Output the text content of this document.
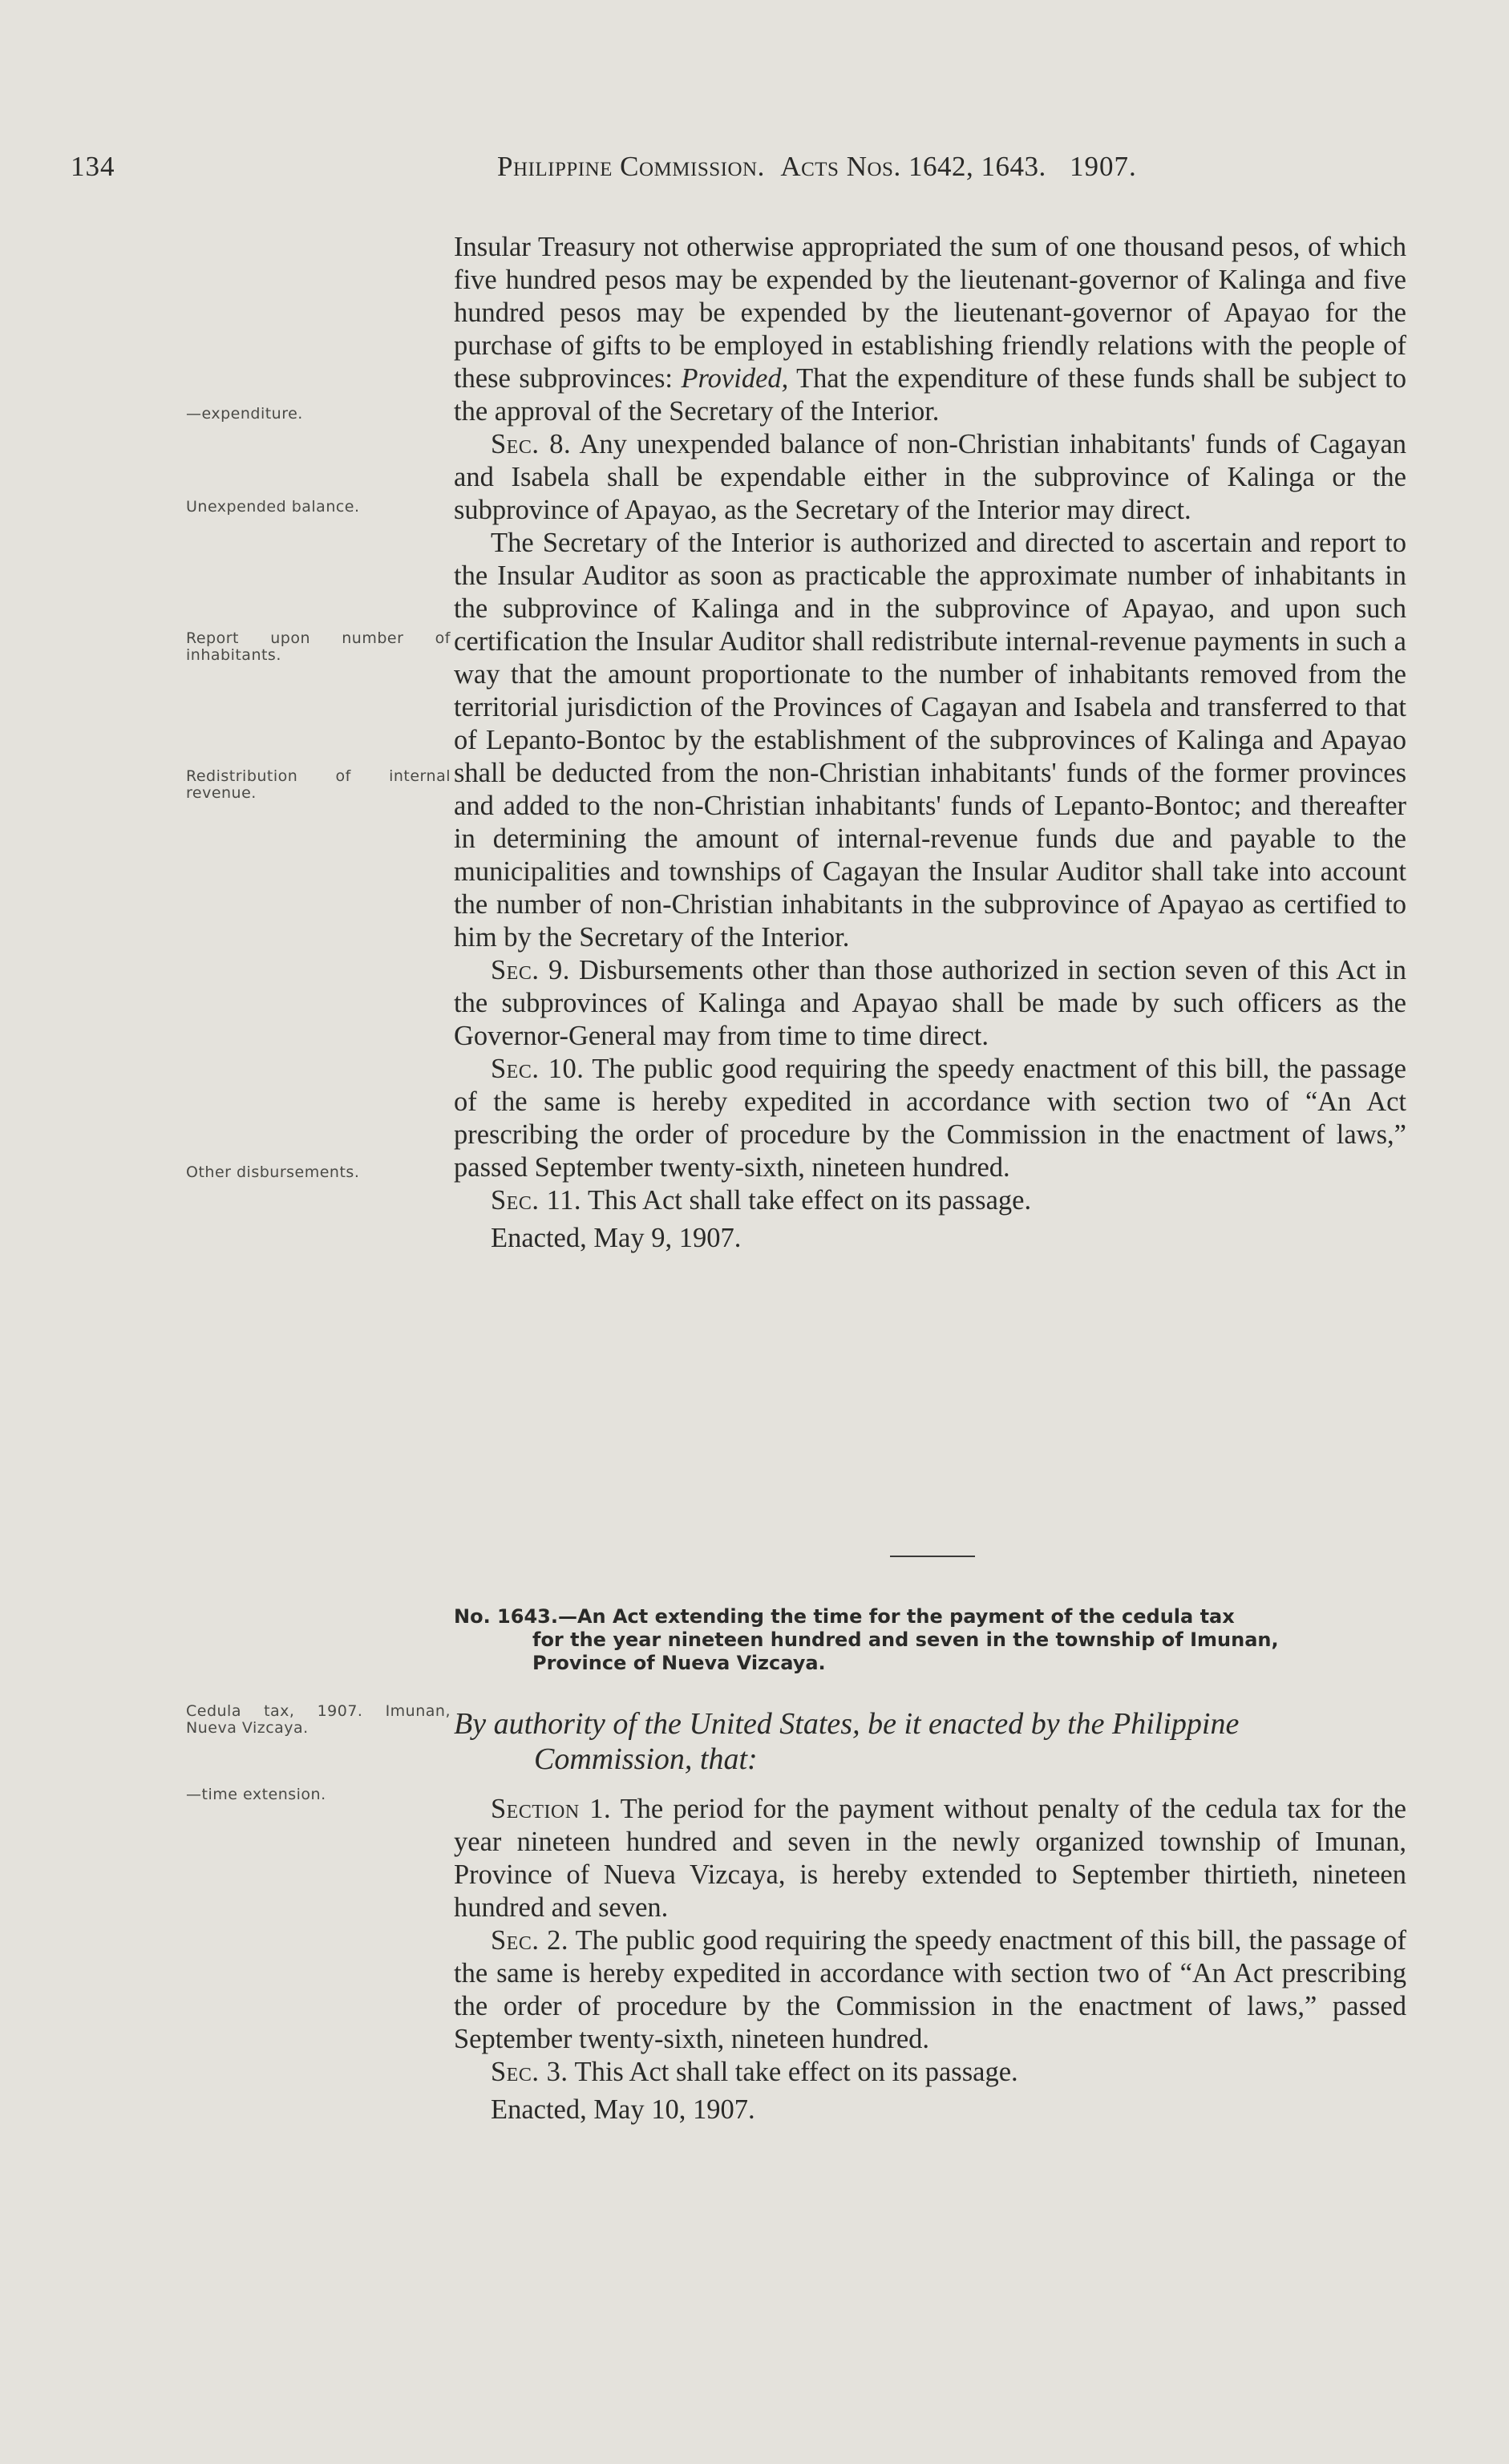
134	Philippine Commission. Acts Nos. 1642, 1643. 1907.

Insular Treasury not otherwise appropriated the sum of one thousand pesos, of which five hundred pesos may be expended by the lieutenant-governor of Kalinga and five hundred pesos may be expended by the lieutenant-governor of Apayao for the purchase of gifts to be employed in establishing friendly relations with the people of these subprovinces: Provided, That the expenditure of these funds shall be subject to the approval of the Secretary of the Interior.

Sec. 8. Any unexpended balance of non-Christian inhabitants' funds of Cagayan and Isabela shall be expendable either in the subprovince of Kalinga or the subprovince of Apayao, as the Secretary of the Interior may direct.

The Secretary of the Interior is authorized and directed to ascertain and report to the Insular Auditor as soon as practicable the approximate number of inhabitants in the subprovince of Kalinga and in the subprovince of Apayao, and upon such certification the Insular Auditor shall redistribute internal-revenue payments in such a way that the amount proportionate to the number of inhabitants removed from the territorial jurisdiction of the Provinces of Cagayan and Isabela and transferred to that of Lepanto-Bontoc by the establishment of the subprovinces of Kalinga and Apayao shall be deducted from the non-Christian inhabitants' funds of the former provinces and added to the non-Christian inhabitants' funds of Lepanto-Bontoc; and thereafter in determining the amount of internal-revenue funds due and payable to the municipalities and townships of Cagayan the Insular Auditor shall take into account the number of non-Christian inhabitants in the subprovince of Apayao as certified to him by the Secretary of the Interior.

Sec. 9. Disbursements other than those authorized in section seven of this Act in the subprovinces of Kalinga and Apayao shall be made by such officers as the Governor-General may from time to time direct.

Sec. 10. The public good requiring the speedy enactment of this bill, the passage of the same is hereby expedited in accordance with section two of “An Act prescribing the order of procedure by the Commission in the enactment of laws,” passed September twenty-sixth, nineteen hundred.

Sec. 11. This Act shall take effect on its passage.

Enacted, May 9, 1907.

—expenditure.
Unexpended balance.
Report upon number of inhabitants.
Redistribution of internal revenue.
Other disbursements.
Cedula tax, 1907. Imunan, Nueva Vizcaya.
—time extension.
No. 1643.—An Act extending the time for the payment of the cedula tax
for the year nineteen hundred and seven in the township of Imunan,
Province of Nueva Vizcaya.
By authority of the United States, be it enacted by the Philippine
Commission, that:

Section 1. The period for the payment without penalty of the cedula tax for the year nineteen hundred and seven in the newly organized township of Imunan, Province of Nueva Vizcaya, is hereby extended to September thirtieth, nineteen hundred and seven.

Sec. 2. The public good requiring the speedy enactment of this bill, the passage of the same is hereby expedited in accordance with section two of “An Act prescribing the order of procedure by the Commission in the enactment of laws,” passed September twenty-sixth, nineteen hundred.

Sec. 3. This Act shall take effect on its passage.

Enacted, May 10, 1907.
